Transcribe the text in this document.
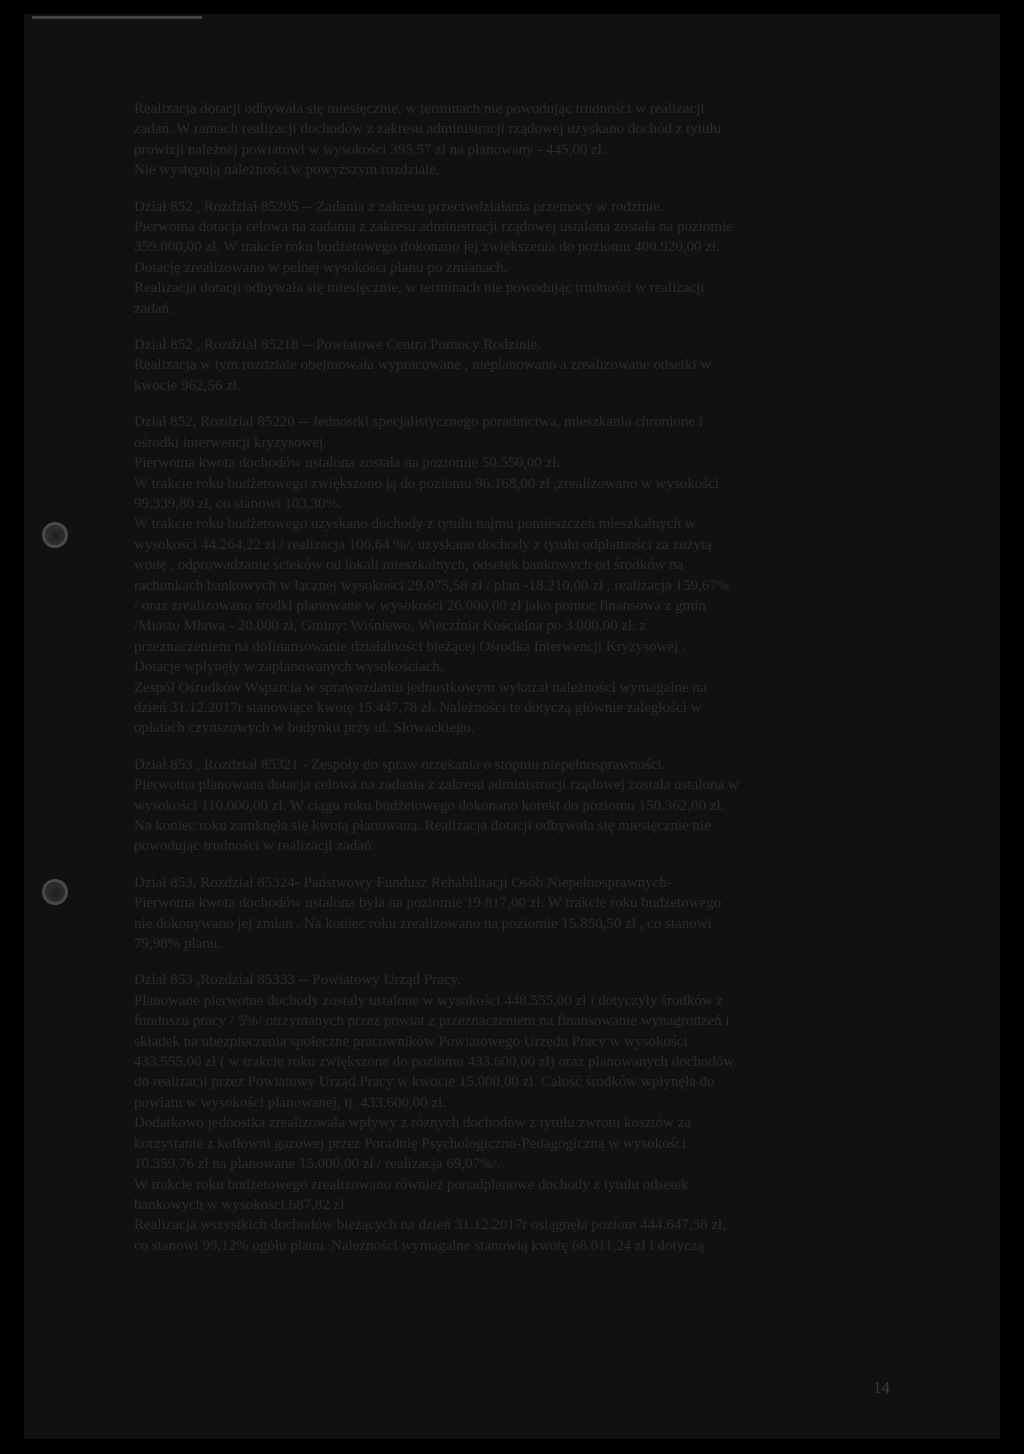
Realizacja dotacji odbywała się miesięcznie, w terminach nie powodując trudności w realizacji
zadań. W ramach realizacji dochodów z zakresu administracji rządowej uzyskano dochód z tytułu
prowizji należnej powiatowi w wysokości 395,57 zł na planowany - 445,00 zł.
Nie występują należności w powyższym rozdziale.
Dział 852 , Rozdział 85205 -- Zadania z zakresu przeciwdziałania przemocy w rodzinie.
Pierwotna dotacja celowa na zadania z zakresu administracji rządowej ustalona została na poziomie
359.000,00 zł. W trakcie roku budżetowego dokonano jej zwiększenia do poziomu 400.920,00 zł.
Dotację zrealizowano w pełnej wysokości planu po zmianach.
Realizacja dotacji odbywała się miesięcznie, w terminach nie powodując trudności w realizacji
zadań.
Dział 852 , Rozdział 85218 -- Powiatowe Centra Pomocy Rodzinie.
Realizacja w tym rozdziale obejmowała wypracowane , nieplanowano a zrealizowane odsetki w
kwocie 962,56 zł.
Dział 852, Rozdział 85220 -- Jednostki specjalistycznego poradnictwa, mieszkania chronione i
ośrodki interwencji kryzysowej.
Pierwotna kwota dochodów ustalona została na poziomie 50.550,00 zł.
W trakcie roku budżetowego zwiększono ją do poziomu 96.168,00 zł ,zrealizowano w wysokości
99.339,80 zł, co stanowi 103,30%.
W trakcie roku budżetowego uzyskano dochody z tytułu najmu pomieszczeń mieszkalnych w
wysokości 44.264,22 zł / realizacja 106,64 %/, uzyskano dochody z tytułu odpłatności za zużytą
wodę , odprowadzanie ścieków od lokali mieszkalnych, odsetek bankowych od środków na
rachunkach bankowych w łącznej wysokości 29.075,58 zł / plan -18.210,00 zł , realizacja 159,67%
/ oraz zrealizowano środki planowane w wysokości 26.000,00 zł jako pomoc finansowa z gmin
/Miasto Mława - 20.000 zł, Gminy: Wiśniewo, Wieczfnia Kościelna po 3.000,00 zł. z
przeznaczeniem na dofinansowanie działalności bieżącej Ośrodka Interwencji Kryzysowej .
Dotacje wpłynęły w zaplanowanych wysokościach.
Zespół Ośrodków Wsparcia w sprawozdaniu jednostkowym wykazał należności wymagalne na
dzień 31.12.2017r stanowiące kwotę 15.447,78 zł. Należności te dotyczą głównie zaległości w
opłatach czynszowych w budynku przy ul. Słowackiego.
Dział 853 , Rozdział 85321 - Zespoły do spraw orzekania o stopniu niepełnosprawności.
Pierwotna planowana dotacja celowa na zadania z zakresu administracji rządowej została ustalona w
wysokości 110.000,00 zł. W ciągu roku budżetowego dokonano korekt do poziomu 150.362,00 zł.
Na koniec roku zamknęła się kwotą planowaną. Realizacja dotacji odbywała się miesięcznie nie
powodując trudności w realizacji zadań.
Dział 853, Rozdział 85324- Państwowy Fundusz Rehabilitacji Osób Niepełnosprawnych-
Pierwotna kwota dochodów ustalona była na poziomie 19.817,00 zł. W trakcie roku budżetowego
nie dokonywano jej zmian . Na koniec roku zrealizowano na poziomie 15.850,50 zł , co stanowi
79,98% planu.
Dział 853 ,Rozdział 85333 -- Powiatowy Urząd Pracy.
Planowane pierwotne dochody zostały ustalone w wysokości 448.555,00 zł i dotyczyły środków z
funduszu pracy / 5%/ otrzymanych przez powiat z przeznaczeniem na finansowanie wynagrodzeń i
składek na ubezpieczenia społeczne pracowników Powiatowego Urzędu Pracy w wysokości
433.555,00 zł ( w trakcie roku zwiększone do poziomu 433.600,00 zł) oraz planowanych dochodów
do realizacji przez Powiatowy Urząd Pracy w kwocie 15.000,00 zł. Całość środków wpłynęła do
powiatu w wysokości planowanej, tj. 433.600,00 zł.
Dodatkowo jednostka zrealizowała wpływy z różnych dochodów z tytułu zwrotu kosztów za
korzystanie z kotłowni gazowej przez Poradnię Psychologiczno-Pedagogiczną w wysokości
10.359,76 zł na planowane 15.000,00 zł / realizacja 69,07%/.
W trakcie roku budżetowego zrealizowano również ponadplanowe dochody z tytułu odsetek
bankowych w wysokości 687,82 zł.
Realizacja wszystkich dochodów bieżących na dzień 31.12.2017r osiągnęła poziom 444.647,58 zł,
co stanowi 99,12% ogółu planu. Należności wymagalne stanowią kwotę 68.011,24 zł i dotyczą
14
